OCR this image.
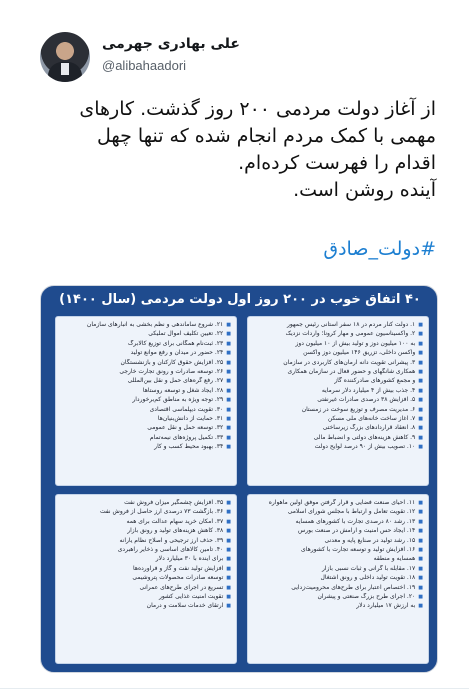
علی بهادری جهرمی
@alibahaadori
از آغاز دولت مردمی ۲۰۰ روز گذشت. کارهای
مهمی با کمک مردم انجام شده که تنها چهل
اقدام را فهرست کرده‌ام.
آینده روشن است.
#دولت_صادق
۴۰ اتفاق خوب در ۲۰۰ روز اول دولت مردمی (سال ۱۴۰۰)
■ ۱. دولت کنار مردم در ۱۸ سفر استانی رئیس جمهور
■ ۲. واکسیناسیون عمومی و مهار کرونا؛ واردات نزدیک
■ به ۱۰۰ میلیون دوز و تولید بیش از ۱۰ میلیون دوز
■ واکسن داخلی، تزریق ۱۴۶ میلیون دوز واکسن
■ ۳. پیشرانی تقویت دانه آرمان‌های کاربردی در سازمان
■ همکاری شانگهای و حضور فعال در سازمان همکاری
■ و مجمع کشورهای صادرکننده گاز
■ ۴. جذب بیش از ۴ میلیارد دلار سرمایه
■ ۵. افزایش ۳۸ درصدی صادرات غیرنفتی
■ ۶. مدیریت مصرف و توزیع سوخت در زمستان
■ ۷. آغاز ساخت خانه‌های ملی مسکن
■ ۸. انعقاد قراردادهای بزرگ زیرساختی
■ ۹. کاهش هزینه‌های دولتی و انضباط مالی
■ ۱۰. تصویب بیش از ۹۰ درصد لوایح دولت
■ ۲۱. شروع ساماندهی و نظم بخشی به انبارهای سازمان
■ ۲۲. تعیین تکلیف اموال تملیکی
■ ۲۳. ثبت‌نام همگانی برای توزیع کالابرگ
■ ۲۴. حضور در میدان و رفع موانع تولید
■ ۲۵. افزایش حقوق کارکنان و بازنشستگان
■ ۲۶. توسعه صادرات و رونق تجارت خارجی
■ ۲۷. رفع گره‌های حمل و نقل بین‌المللی
■ ۲۸. ایجاد شغل و توسعه روستاها
■ ۲۹. توجه ویژه به مناطق کم‌برخوردار
■ ۳۰. تقویت دیپلماسی اقتصادی
■ ۳۱. حمایت از دانش‌بنیان‌ها
■ ۳۲. توسعه حمل و نقل عمومی
■ ۳۳. تکمیل پروژه‌های نیمه‌تمام
■ ۳۴. بهبود محیط کسب و کار
■ ۱۱. احیای صنعت فضایی و قرار گرفتن موفق اولین ماهواره
■ ۱۲. تقویت تعامل و ارتباط با مجلس شورای اسلامی
■ ۱۳. رشد ۸۰ درصدی تجارت با کشورهای همسایه
■ ۱۴. ایجاد حس امنیت و آرامش در صنعت بورس
■ ۱۵. رشد تولید در صنایع پایه و معدنی
■ ۱۶. افزایش تولید و توسعه تجارت با کشورهای
■ همسایه و منطقه
■ ۱۷. مقابله با گرانی و ثبات نسبی بازار
■ ۱۸. تقویت تولید داخلی و رونق اشتغال
■ ۱۹. اختصاص اعتبار برای طرح‌های محرومیت‌زدایی
■ ۲۰. اجرای طرح بزرگ صنعتی و پیشران
■ به ارزش ۱۷ میلیارد دلار
■ ۳۵. افزایش چشمگیر میزان فروش نفت
■ ۳۶. بازگشت ۷۳ درصدی ارز حاصل از فروش نفت
■ ۳۷. امکان خرید سهام عدالت برای همه
■ ۳۸. کاهش هزینه‌های تولید و رونق بازار
■ ۳۹. حذف ارز ترجیحی و اصلاح نظام یارانه
■ ۴۰. تامین کالاهای اساسی و ذخایر راهبردی
■ برای آینده با ۳۰ میلیارد دلار
■ افزایش تولید نفت و گاز و فرآورده‌ها
■ توسعه صادرات محصولات پتروشیمی
■ تسریع در اجرای طرح‌های عمرانی
■ تقویت امنیت غذایی کشور
■ ارتقای خدمات سلامت و درمان
